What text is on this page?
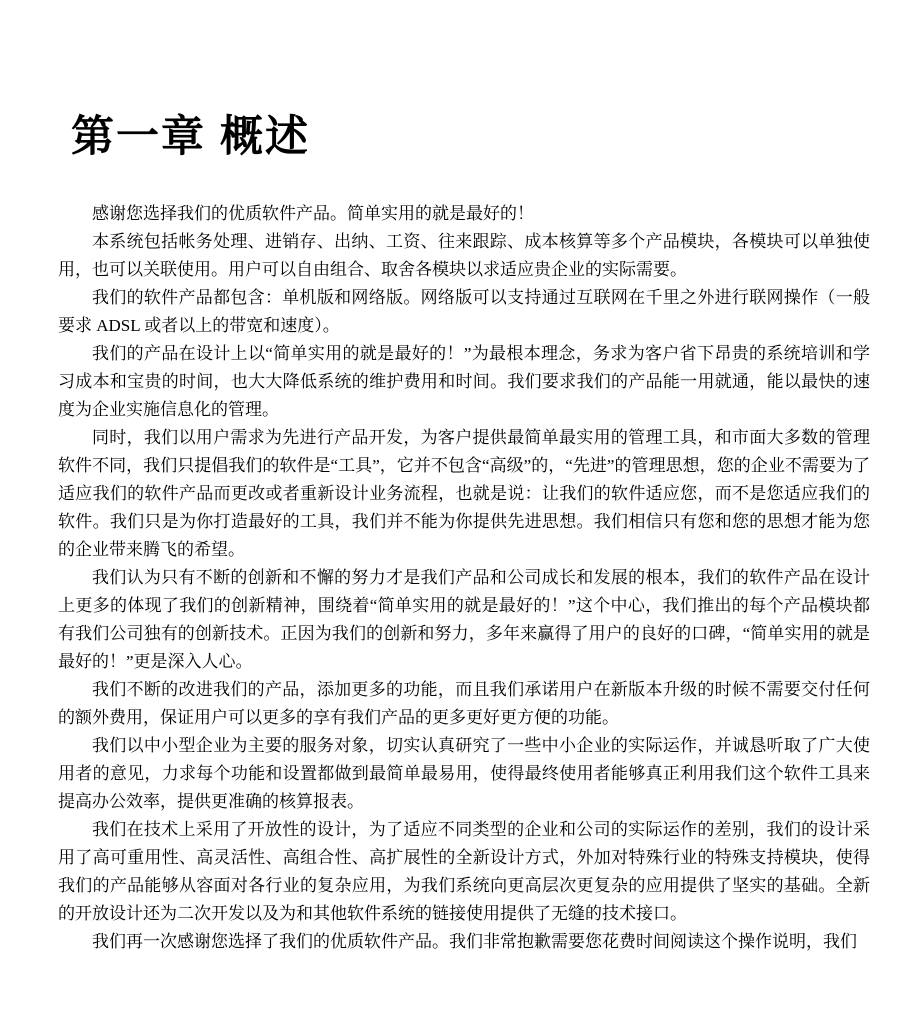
第一章 概述

感谢您选择我们的优质软件产品。简单实用的就是最好的！

本系统包括帐务处理、进销存、出纳、工资、往来跟踪、成本核算等多个产品模块，各模块可以单独使用，也可以关联使用。用户可以自由组合、取舍各模块以求适应贵企业的实际需要。

我们的软件产品都包含：单机版和网络版。网络版可以支持通过互联网在千里之外进行联网操作（一般要求 ADSL 或者以上的带宽和速度）。

我们的产品在设计上以“简单实用的就是最好的！”为最根本理念，务求为客户省下昂贵的系统培训和学习成本和宝贵的时间，也大大降低系统的维护费用和时间。我们要求我们的产品能一用就通，能以最快的速度为企业实施信息化的管理。

同时，我们以用户需求为先进行产品开发，为客户提供最简单最实用的管理工具，和市面大多数的管理软件不同，我们只提倡我们的软件是“工具”，它并不包含“高级”的，“先进”的管理思想，您的企业不需要为了适应我们的软件产品而更改或者重新设计业务流程，也就是说：让我们的软件适应您，而不是您适应我们的软件。我们只是为你打造最好的工具，我们并不能为你提供先进思想。我们相信只有您和您的思想才能为您的企业带来腾飞的希望。

我们认为只有不断的创新和不懈的努力才是我们产品和公司成长和发展的根本，我们的软件产品在设计上更多的体现了我们的创新精神，围绕着“简单实用的就是最好的！”这个中心，我们推出的每个产品模块都有我们公司独有的创新技术。正因为我们的创新和努力，多年来赢得了用户的良好的口碑，“简单实用的就是最好的！”更是深入人心。

我们不断的改进我们的产品，添加更多的功能，而且我们承诺用户在新版本升级的时候不需要交付任何的额外费用，保证用户可以更多的享有我们产品的更多更好更方便的功能。

我们以中小型企业为主要的服务对象，切实认真研究了一些中小企业的实际运作，并诚恳听取了广大使用者的意见，力求每个功能和设置都做到最简单最易用，使得最终使用者能够真正利用我们这个软件工具来提高办公效率，提供更准确的核算报表。

我们在技术上采用了开放性的设计，为了适应不同类型的企业和公司的实际运作的差别，我们的设计采用了高可重用性、高灵活性、高组合性、高扩展性的全新设计方式，外加对特殊行业的特殊支持模块，使得我们的产品能够从容面对各行业的复杂应用，为我们系统向更高层次更复杂的应用提供了坚实的基础。全新的开放设计还为二次开发以及为和其他软件系统的链接使用提供了无缝的技术接口。

我们再一次感谢您选择了我们的优质软件产品。我们非常抱歉需要您花费时间阅读这个操作说明，我们
